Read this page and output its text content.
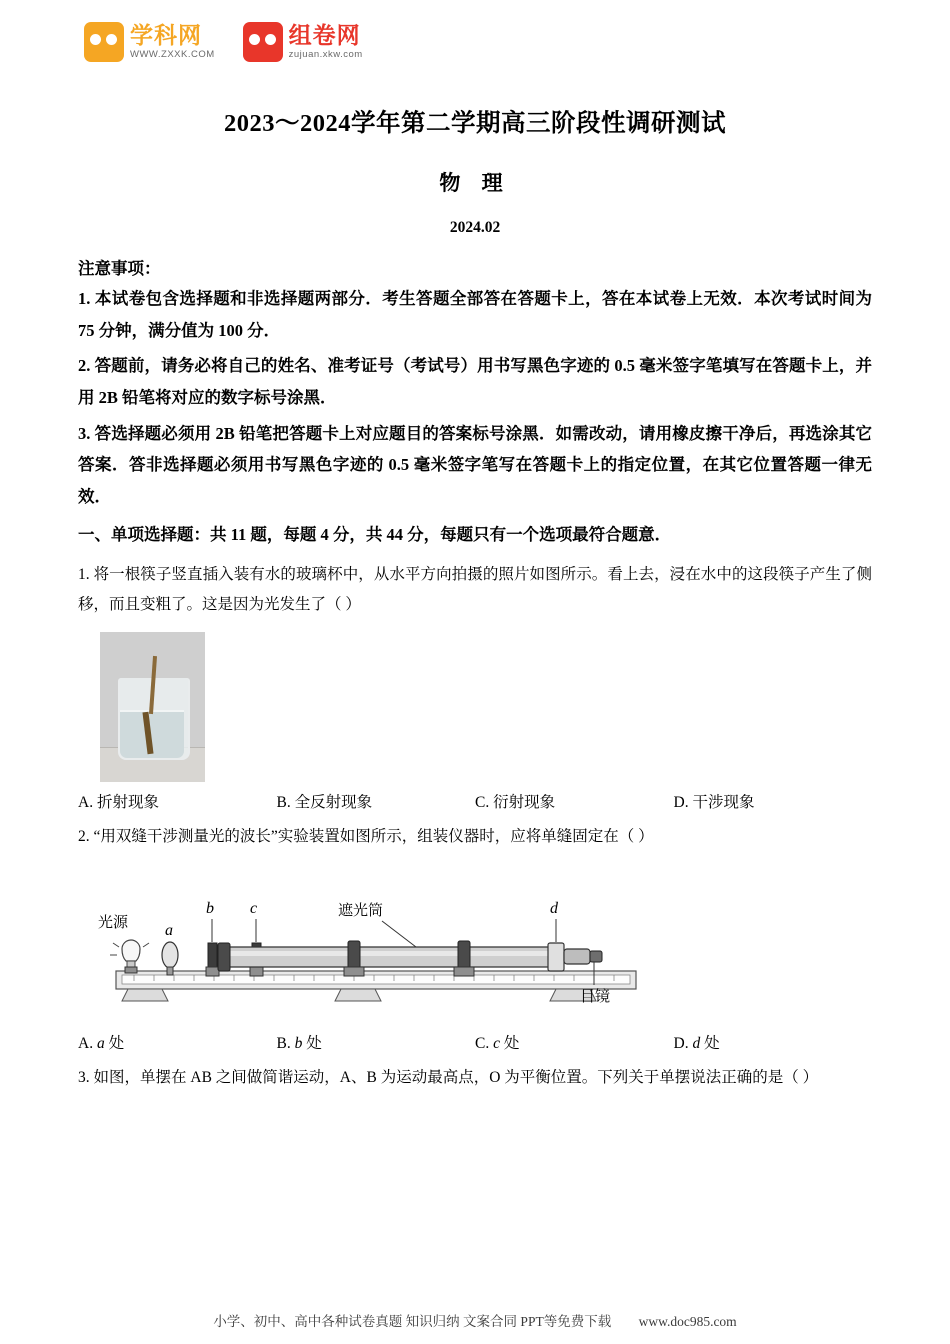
学科网
WWW.ZXXK.COM
组卷网
zujuan.xkw.com
2023～2024学年第二学期高三阶段性调研测试
物 理
2024.02
注意事项：

1. 本试卷包含选择题和非选择题两部分．考生答题全部答在答题卡上，答在本试卷上无效．本次考试时间为 75 分钟，满分值为 100 分．

2. 答题前，请务必将自己的姓名、准考证号（考试号）用书写黑色字迹的 0.5 毫米签字笔填写在答题卡上，并用 2B 铅笔将对应的数字标号涂黑．

3. 答选择题必须用 2B 铅笔把答题卡上对应题目的答案标号涂黑．如需改动，请用橡皮擦干净后，再选涂其它答案．答非选择题必须用书写黑色字迹的 0.5 毫米签字笔写在答题卡上的指定位置，在其它位置答题一律无效．

一、单项选择题：共 11 题，每题 4 分，共 44 分，每题只有一个选项最符合题意．

1. 将一根筷子竖直插入装有水的玻璃杯中，从水平方向拍摄的照片如图所示。看上去，浸在水中的这段筷子产生了侧移，而且变粗了。这是因为光发生了（ ）

A. 折射现象	B. 全反射现象	C. 衍射现象	D. 干涉现象

2. “用双缝干涉测量光的波长”实验装置如图所示，组装仪器时，应将单缝固定在（ ）

光源 a
b c	d
遮光筒
目镜
A. a 处	B. b 处	C. c 处	D. d 处

3. 如图，单摆在 AB 之间做简谐运动，A、B 为运动最高点，O 为平衡位置。下列关于单摆说法正确的是（ ）

小学、初中、高中各种试卷真题 知识归纳 文案合同 PPT等免费下载 www.doc985.com
